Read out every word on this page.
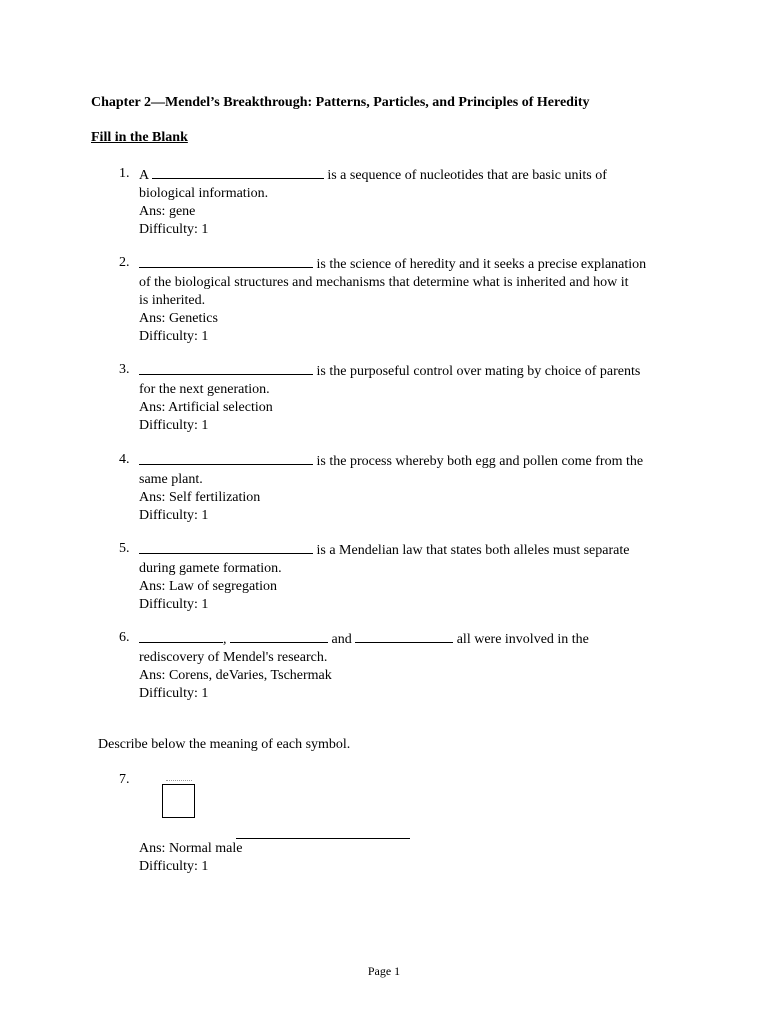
Chapter 2—Mendel’s Breakthrough: Patterns, Particles, and Principles of Heredity
Fill in the Blank
1. A	is a sequence of nucleotides that are basic units of
biological information.
Ans: gene
Difficulty: 1
2.	is the science of heredity and it seeks a precise explanation
of the biological structures and mechanisms that determine what is inherited and how it
is inherited.
Ans: Genetics
Difficulty: 1
3.	is the purposeful control over mating by choice of parents
for the next generation.
Ans: Artificial selection
Difficulty: 1
4.	is the process whereby both egg and pollen come from the
same plant.
Ans: Self fertilization
Difficulty: 1
5.	is a Mendelian law that states both alleles must separate
during gamete formation.
Ans: Law of segregation
Difficulty: 1
6.	,	and	all were involved in the
rediscovery of Mendel's research.
Ans: Corens, deVaries, Tschermak
Difficulty: 1
Describe below the meaning of each symbol.
7.
Ans: Normal male
Difficulty: 1
Page 1
